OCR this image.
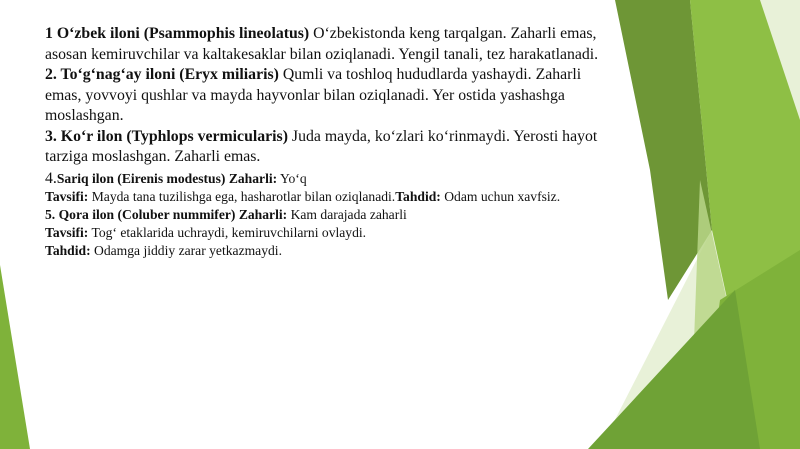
1 O‘zbek iloni (Psammophis lineolatus) O‘zbekistonda keng tarqalgan. Zaharli emas, asosan kemiruvchilar va kaltakesaklar bilan oziqlanadi. Yengil tanali, tez harakatlanadi.

2. To‘g‘nag‘ay iloni (Eryx miliaris) Qumli va toshloq hududlarda yashaydi. Zaharli emas, yovvoyi qushlar va mayda hayvonlar bilan oziqlanadi. Yer ostida yashashga moslashgan.

3. Ko‘r ilon (Typhlops vermicularis) Juda mayda, ko‘zlari ko‘rinmaydi. Yerosti hayot tarziga moslashgan. Zaharli emas.

4.Sariq ilon (Eirenis modestus) Zaharli: Yo‘q

Tavsifi: Mayda tana tuzilishga ega, hasharotlar bilan oziqlanadi.Tahdid: Odam uchun xavfsiz.

5. Qora ilon (Coluber nummifer) Zaharli: Kam darajada zaharli

Tavsifi: Tog‘ etaklarida uchraydi, kemiruvchilarni ovlaydi.

Tahdid: Odamga jiddiy zarar yetkazmaydi.
